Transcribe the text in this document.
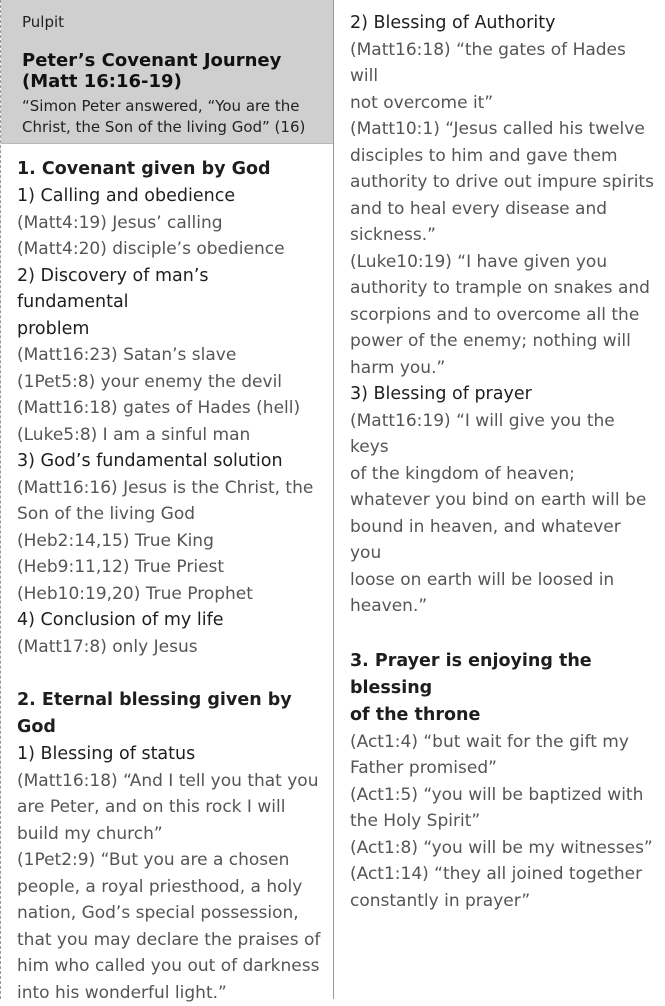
Pulpit
Peter’s Covenant Journey (Matt 16:16-19)
“Simon Peter answered, “You are the Christ, the Son of the living God” (16)
1. Covenant given by God
1) Calling and obedience
(Matt4:19) Jesus’ calling
(Matt4:20) disciple’s obedience
2) Discovery of man’s fundamental
problem
(Matt16:23) Satan’s slave
(1Pet5:8) your enemy the devil
(Matt16:18) gates of Hades (hell)
(Luke5:8) I am a sinful man
3) God’s fundamental solution
(Matt16:16) Jesus is the Christ, the
Son of the living God
(Heb2:14,15) True King
(Heb9:11,12) True Priest
(Heb10:19,20) True Prophet
4) Conclusion of my life
(Matt17:8) only Jesus
2. Eternal blessing given by God
1) Blessing of status
(Matt16:18) “And I tell you that you
are Peter, and on this rock I will
build my church”
(1Pet2:9) “But you are a chosen
people, a royal priesthood, a holy
nation, God’s special possession,
that you may declare the praises of
him who called you out of darkness
into his wonderful light.”
2) Blessing of Authority
(Matt16:18) “the gates of Hades will
not overcome it”
(Matt10:1) “Jesus called his twelve
disciples to him and gave them
authority to drive out impure spirits
and to heal every disease and
sickness.”
(Luke10:19) “I have given you
authority to trample on snakes and
scorpions and to overcome all the
power of the enemy; nothing will
harm you.”
3) Blessing of prayer
(Matt16:19) “I will give you the keys
of the kingdom of heaven;
whatever you bind on earth will be
bound in heaven, and whatever you
loose on earth will be loosed in
heaven.”
3. Prayer is enjoying the blessing
of the throne
(Act1:4) “but wait for the gift my
Father promised”
(Act1:5) “you will be baptized with
the Holy Spirit”
(Act1:8) “you will be my witnesses”
(Act1:14) “they all joined together
constantly in prayer”
